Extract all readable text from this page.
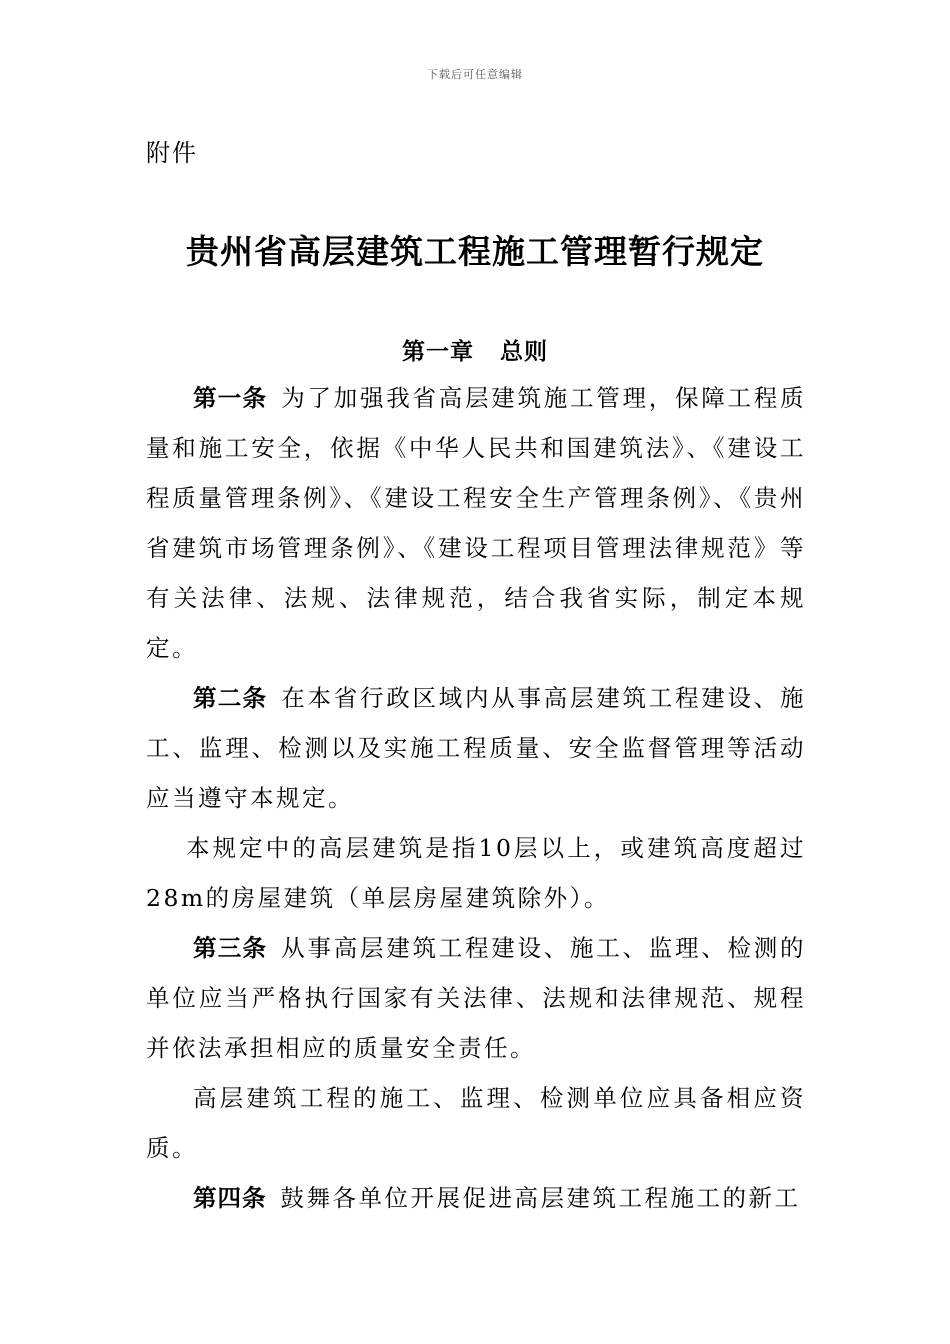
下载后可任意编辑
附件
贵州省高层建筑工程施工管理暂行规定
第一章 总则

第一条 为了加强我省高层建筑施工管理，保障工程质量和施工安全，依据《中华人民共和国建筑法》、《建设工程质量管理条例》、《建设工程安全生产管理条例》、《贵州省建筑市场管理条例》、《建设工程项目管理法律规范》等有关法律、法规、法律规范，结合我省实际，制定本规定。

第二条 在本省行政区域内从事高层建筑工程建设、施工、监理、检测以及实施工程质量、安全监督管理等活动应当遵守本规定。

本规定中的高层建筑是指10层以上，或建筑高度超过28m的房屋建筑（单层房屋建筑除外）。

第三条 从事高层建筑工程建设、施工、监理、检测的单位应当严格执行国家有关法律、法规和法律规范、规程并依法承担相应的质量安全责任。

高层建筑工程的施工、监理、检测单位应具备相应资质。

第四条 鼓舞各单位开展促进高层建筑工程施工的新工
